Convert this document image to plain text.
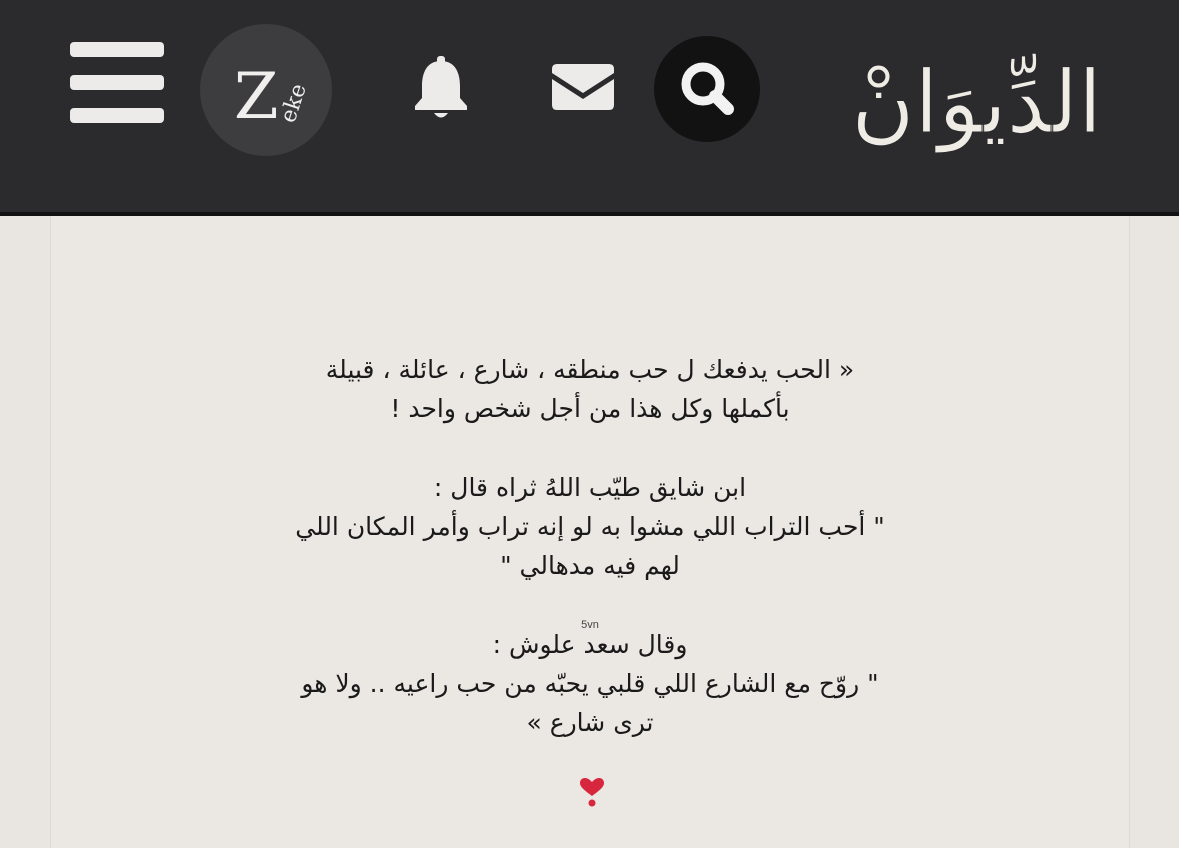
Z
eke	الدِّيوَانْ

« الحب يدفعك ل حب منطقه ، شارع ، عائلة ، قبيلة

بأكملها وكل هذا من أجل شخص واحد !

ابن شايق طيّب اللهُ ثراه قال :

" أحب التراب اللي مشوا به لو إنه تراب وأمر المكان اللي

لهم فيه مدهالي "

وقال سعد علوش :

" روّح مع الشارع اللي قلبي يحبّه من حب راعيه .. ولا هو

ترى شارع »

5vn
